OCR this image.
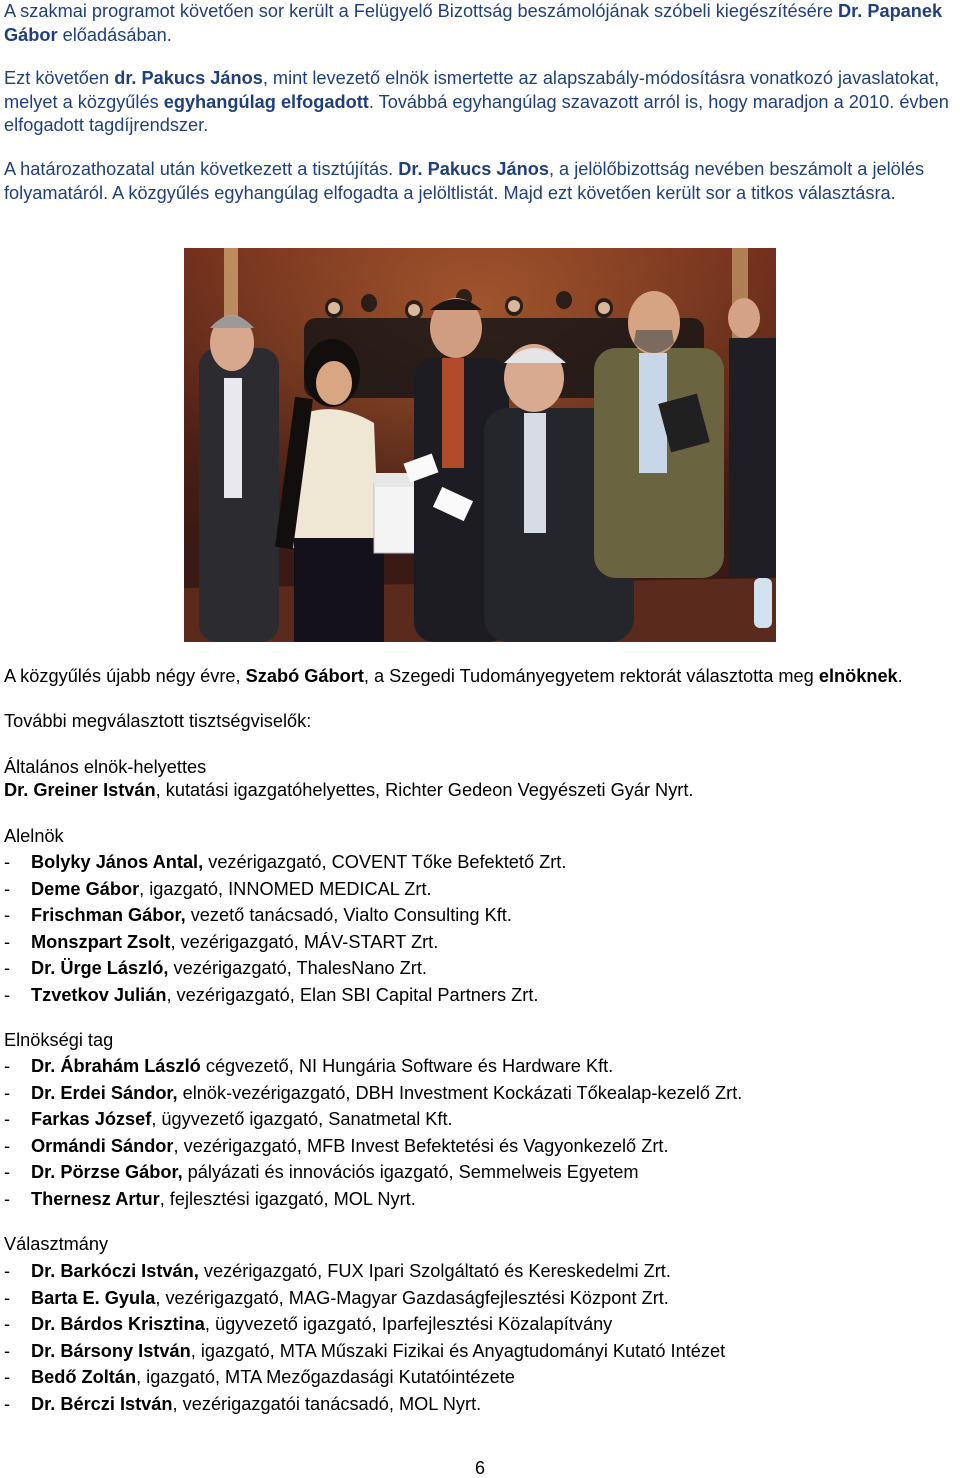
A szakmai programot követően sor került a Felügyelő Bizottság beszámolójának szóbeli kiegészítésére Dr. Papanek Gábor előadásában.
Ezt követően dr. Pakucs János, mint levezető elnök ismertette az alapszabály-módosításra vonatkozó javaslatokat, melyet a közgyűlés egyhangúlag elfogadott. Továbbá egyhangúlag szavazott arról is, hogy maradjon a 2010. évben elfogadott tagdíjrendszer.
A határozathozatal után következett a tisztújítás. Dr. Pakucs János, a jelölőbizottság nevében beszámolt a jelölés folyamatáról. A közgyűlés egyhangúlag elfogadta a jelöltlistát. Majd ezt követően került sor a titkos választásra.
A közgyűlés újabb négy évre, Szabó Gábort, a Szegedi Tudományegyetem rektorát választotta meg elnöknek.
További megválasztott tisztségviselők:
Általános elnök-helyettes
Dr. Greiner István, kutatási igazgatóhelyettes, Richter Gedeon Vegyészeti Gyár Nyrt.
Alelnök
- Bolyky János Antal, vezérigazgató, COVENT Tőke Befektető Zrt.
- Deme Gábor, igazgató, INNOMED MEDICAL Zrt.
- Frischman Gábor, vezető tanácsadó, Vialto Consulting Kft.
- Monszpart Zsolt, vezérigazgató, MÁV-START Zrt.
- Dr. Ürge László, vezérigazgató, ThalesNano Zrt.
- Tzvetkov Julián, vezérigazgató, Elan SBI Capital Partners Zrt.
Elnökségi tag
- Dr. Ábrahám László cégvezető, NI Hungária Software és Hardware Kft.
- Dr. Erdei Sándor, elnök-vezérigazgató, DBH Investment Kockázati Tőkealap-kezelő Zrt.
- Farkas József, ügyvezető igazgató, Sanatmetal Kft.
- Ormándi Sándor, vezérigazgató, MFB Invest Befektetési és Vagyonkezelő Zrt.
- Dr. Pörzse Gábor, pályázati és innovációs igazgató, Semmelweis Egyetem
- Thernesz Artur, fejlesztési igazgató, MOL Nyrt.
Választmány
- Dr. Barkóczi István, vezérigazgató, FUX Ipari Szolgáltató és Kereskedelmi Zrt.
- Barta E. Gyula, vezérigazgató, MAG-Magyar Gazdaságfejlesztési Központ Zrt.
- Dr. Bárdos Krisztina, ügyvezető igazgató, Iparfejlesztési Közalapítvány
- Dr. Bársony István, igazgató, MTA Műszaki Fizikai és Anyagtudományi Kutató Intézet
- Bedő Zoltán, igazgató, MTA Mezőgazdasági Kutatóintézete
- Dr. Bérczi István, vezérigazgatói tanácsadó, MOL Nyrt.
6
